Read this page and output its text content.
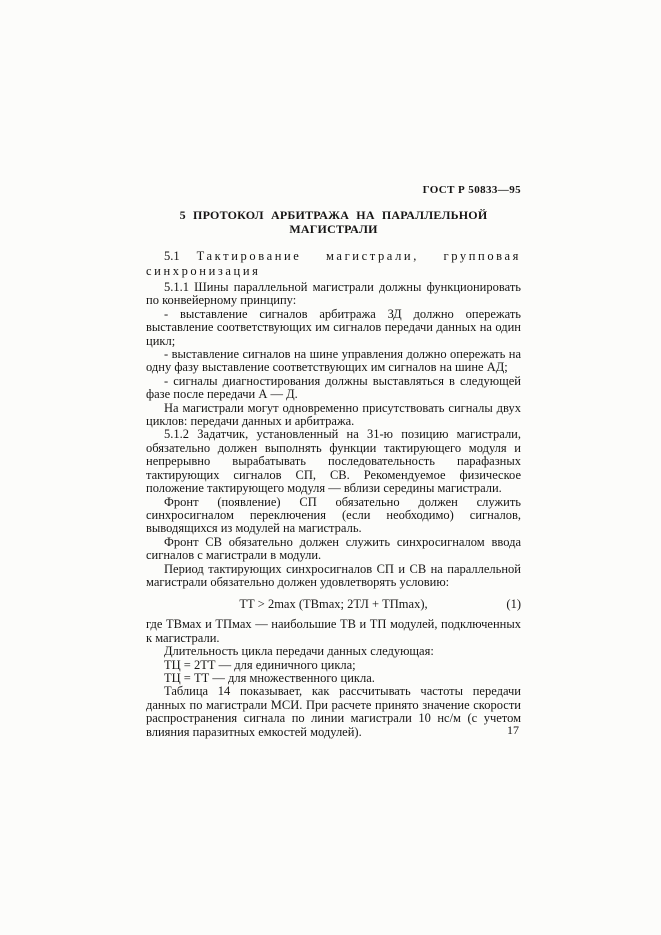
ГОСТ Р 50833—95
5 ПРОТОКОЛ АРБИТРАЖА НА ПАРАЛЛЕЛЬНОЙ МАГИСТРАЛИ

5.1 Тактирование магистрали, групповая синхронизация

5.1.1 Шины параллельной магистрали должны функционировать по конвейерному принципу:

- выставление сигналов арбитража ЗД должно опережать выставление соответствующих им сигналов передачи данных на один цикл;

- выставление сигналов на шине управления должно опережать на одну фазу выставление соответствующих им сигналов на шине АД;

- сигналы диагностирования должны выставляться в следующей фазе после передачи А — Д.

На магистрали могут одновременно присутствовать сигналы двух циклов: передачи данных и арбитража.

5.1.2 Задатчик, установленный на 31-ю позицию магистрали, обязательно должен выполнять функции тактирующего модуля и непрерывно вырабатывать последовательность парафазных тактирующих сигналов СП, СВ. Рекомендуемое физическое положение тактирующего модуля — вблизи середины магистрали.

Фронт (появление) СП обязательно должен служить синхросигналом переключения (если необходимо) сигналов, выводящихся из модулей на магистраль.

Фронт СВ обязательно должен служить синхросигналом ввода сигналов с магистрали в модули.

Период тактирующих синхросигналов СП и СВ на параллельной магистрали обязательно должен удовлетворять условию:

ТТ > 2max (ТВmax; 2ТЛ + ТПmax),	(1)

где ТВмах и ТПмах — наибольшие ТВ и ТП модулей, подключенных к магистрали.

Длительность цикла передачи данных следующая:

ТЦ = 2ТТ — для единичного цикла;

ТЦ = ТТ — для множественного цикла.

Таблица 14 показывает, как рассчитывать частоты передачи данных по магистрали МСИ. При расчете принято значение скорости распространения сигнала по линии магистрали 10 нс/м (с учетом влияния паразитных емкостей модулей).	17
